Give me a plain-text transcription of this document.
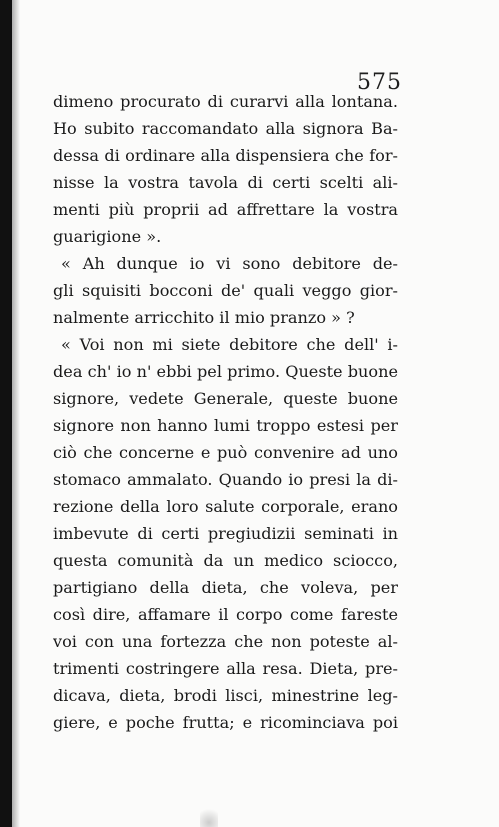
575
dimeno procurato di curarvi alla lontana.
Ho subito raccomandato alla signora Ba-
dessa di ordinare alla dispensiera che for-
nisse la vostra tavola di certi scelti ali-
menti più proprii ad affrettare la vostra
guarigione ».
« Ah dunque io vi sono debitore de-
gli squisiti bocconi de' quali veggo gior-
nalmente arricchito il mio pranzo » ?
« Voi non mi siete debitore che dell' i-
dea ch' io n' ebbi pel primo. Queste buone
signore, vedete Generale, queste buone
signore non hanno lumi troppo estesi per
ciò che concerne e può convenire ad uno
stomaco ammalato. Quando io presi la di-
rezione della loro salute corporale, erano
imbevute di certi pregiudizii seminati in
questa comunità da un medico sciocco,
partigiano della dieta, che voleva, per
così dire, affamare il corpo come fareste
voi con una fortezza che non poteste al-
trimenti costringere alla resa. Dieta, pre-
dicava, dieta, brodi lisci, minestrine leg-
giere, e poche frutta; e ricominciava poi
